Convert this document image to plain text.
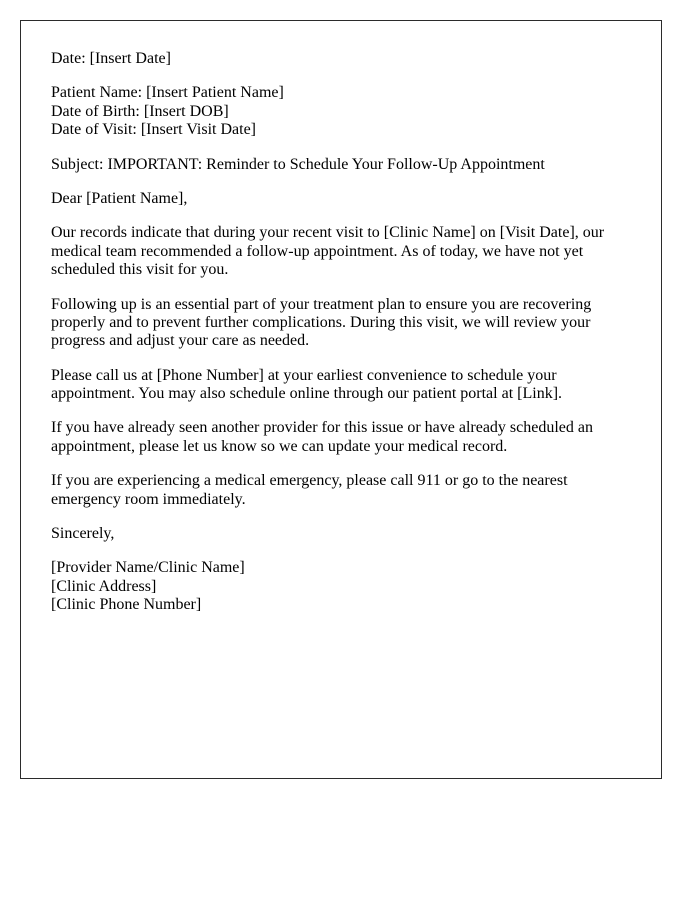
Date: [Insert Date]

Patient Name: [Insert Patient Name]
Date of Birth: [Insert DOB]
Date of Visit: [Insert Visit Date]

Subject: IMPORTANT: Reminder to Schedule Your Follow-Up Appointment

Dear [Patient Name],

Our records indicate that during your recent visit to [Clinic Name] on [Visit Date], our medical team recommended a follow-up appointment. As of today, we have not yet scheduled this visit for you.

Following up is an essential part of your treatment plan to ensure you are recovering properly and to prevent further complications. During this visit, we will review your progress and adjust your care as needed.

Please call us at [Phone Number] at your earliest convenience to schedule your appointment. You may also schedule online through our patient portal at [Link].

If you have already seen another provider for this issue or have already scheduled an appointment, please let us know so we can update your medical record.

If you are experiencing a medical emergency, please call 911 or go to the nearest emergency room immediately.

Sincerely,

[Provider Name/Clinic Name]
[Clinic Address]
[Clinic Phone Number]
